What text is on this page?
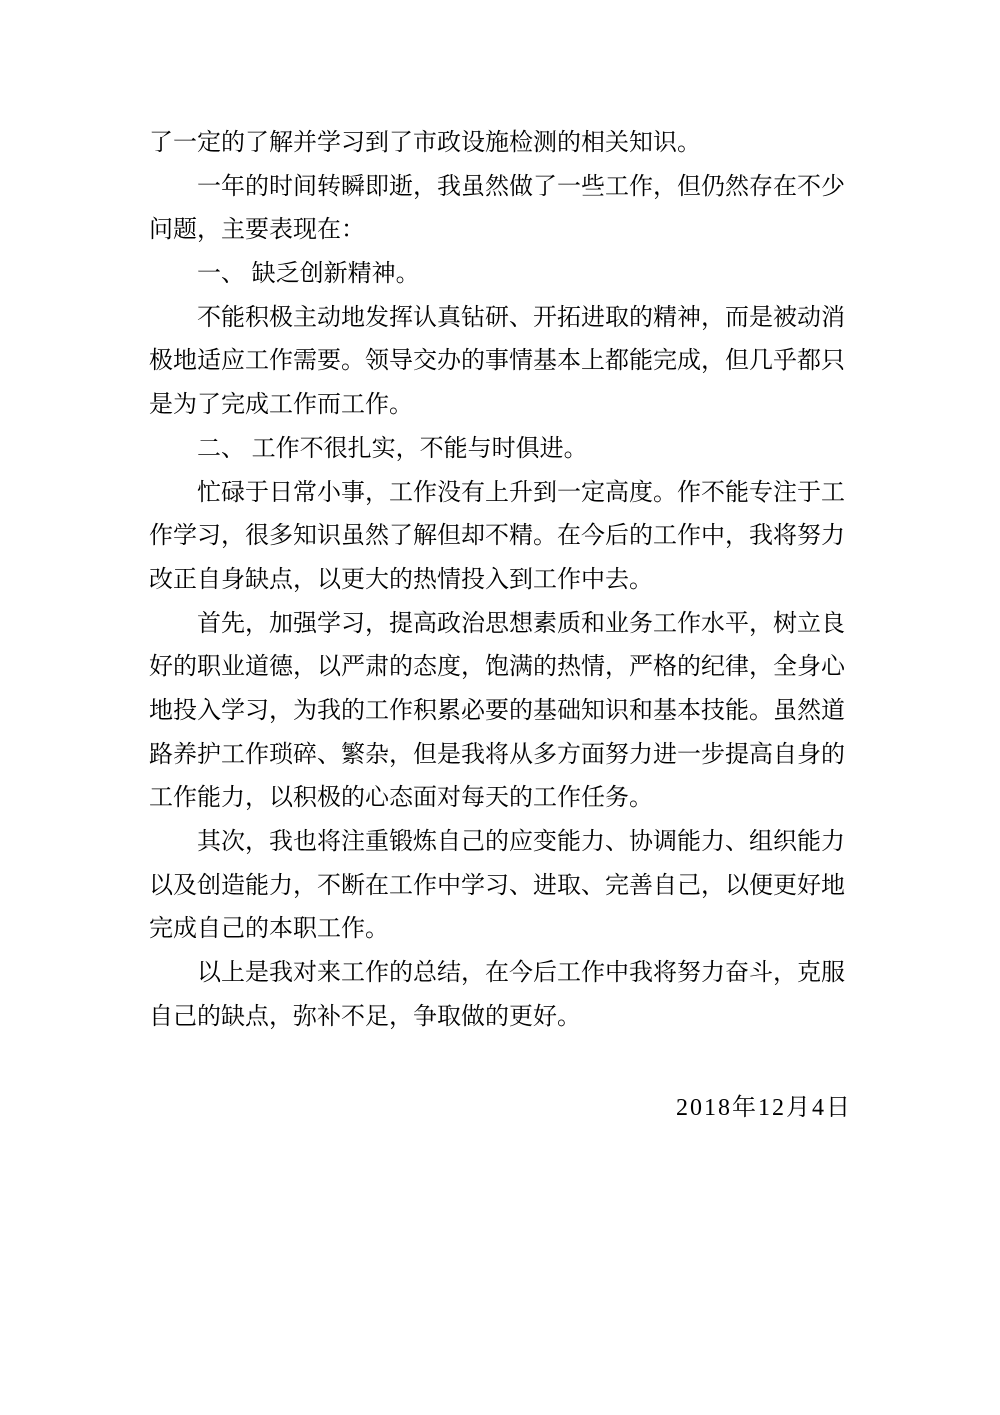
了一定的了解并学习到了市政设施检测的相关知识。
一年的时间转瞬即逝，我虽然做了一些工作，但仍然存在不少
问题，主要表现在：
一、 缺乏创新精神。
不能积极主动地发挥认真钻研、开拓进取的精神，而是被动消
极地适应工作需要。领导交办的事情基本上都能完成，但几乎都只
是为了完成工作而工作。
二、 工作不很扎实，不能与时俱进。
忙碌于日常小事，工作没有上升到一定高度。作不能专注于工
作学习，很多知识虽然了解但却不精。在今后的工作中，我将努力
改正自身缺点，以更大的热情投入到工作中去。
首先，加强学习，提高政治思想素质和业务工作水平，树立良
好的职业道德，以严肃的态度，饱满的热情，严格的纪律，全身心
地投入学习，为我的工作积累必要的基础知识和基本技能。虽然道
路养护工作琐碎、繁杂，但是我将从多方面努力进一步提高自身的
工作能力，以积极的心态面对每天的工作任务。
其次，我也将注重锻炼自己的应变能力、协调能力、组织能力
以及创造能力，不断在工作中学习、进取、完善自己，以便更好地
完成自己的本职工作。
以上是我对来工作的总结，在今后工作中我将努力奋斗，克服
自己的缺点，弥补不足，争取做的更好。

2018年12月4日
